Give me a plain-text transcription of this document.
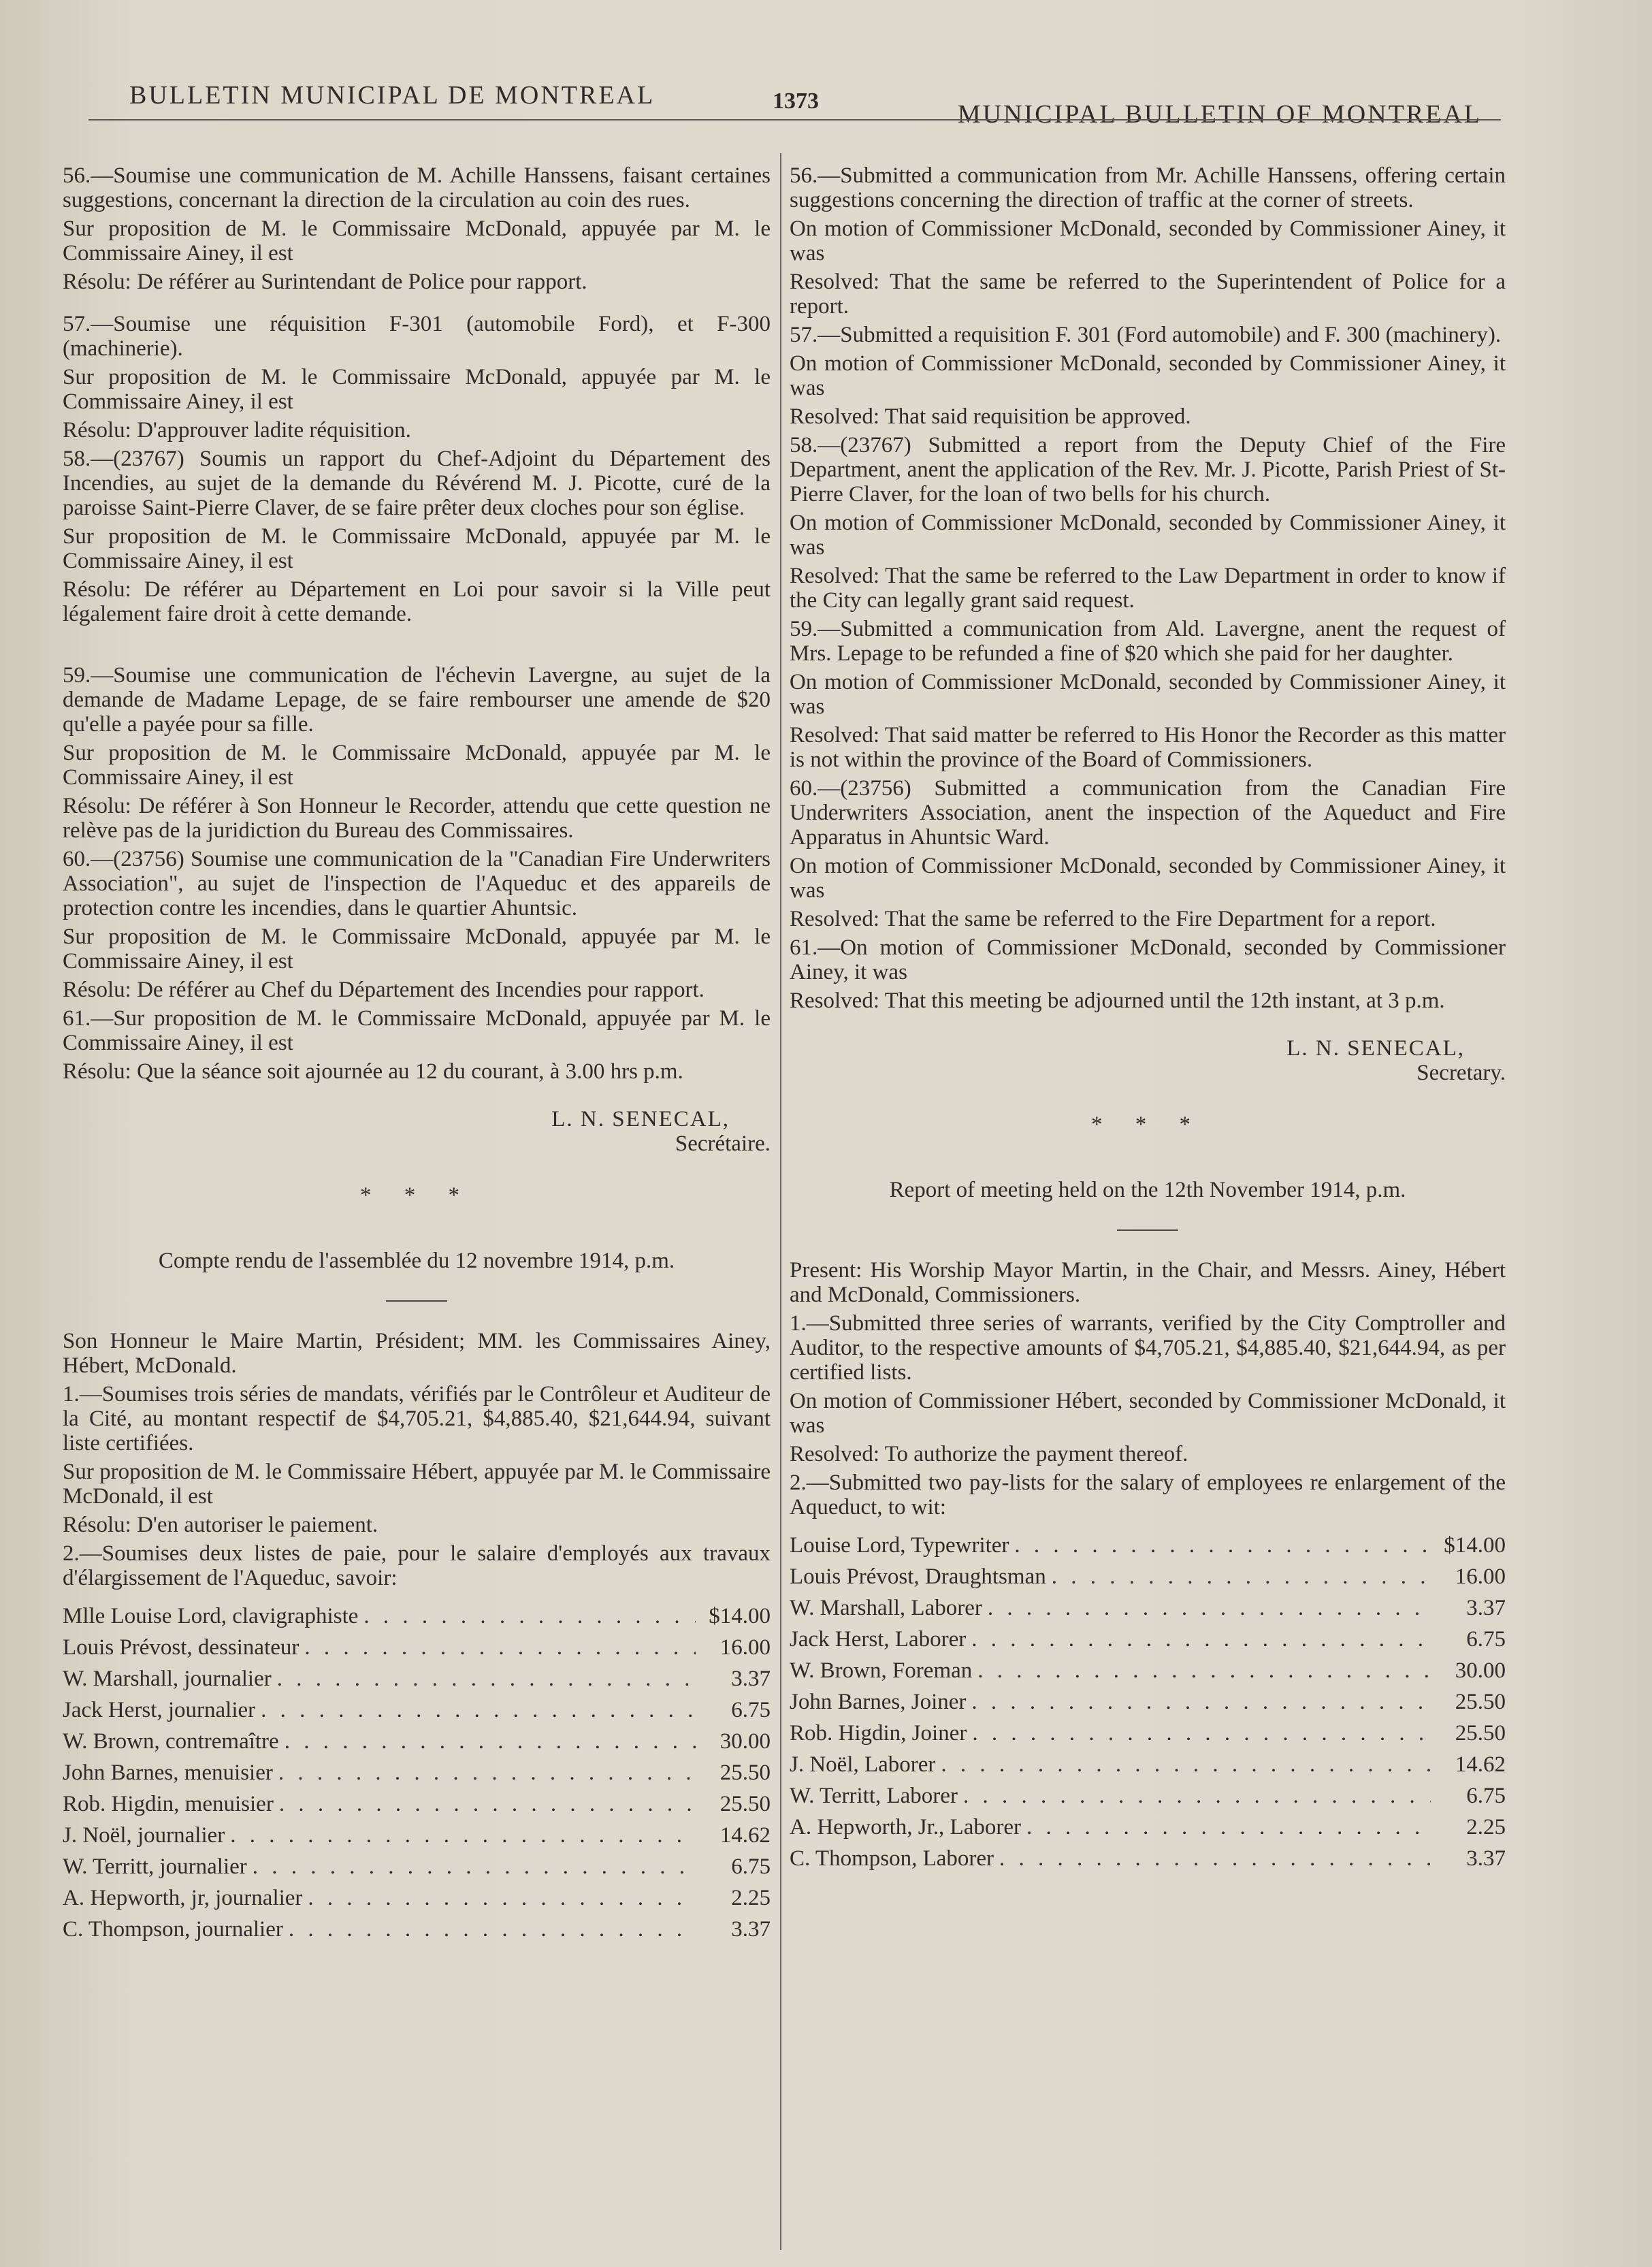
BULLETIN MUNICIPAL DE MONTREAL	1373	MUNICIPAL BULLETIN OF MONTREAL

56.—Soumise une communication de M. Achille Hanssens, faisant certaines suggestions, concernant la direction de la circulation au coin des rues.

Sur proposition de M. le Commissaire McDonald, appuyée par M. le Commissaire Ainey, il est

Résolu: De référer au Surintendant de Police pour rapport.

57.—Soumise une réquisition F-301 (automobile Ford), et F-300 (machinerie).

Sur proposition de M. le Commissaire McDonald, appuyée par M. le Commissaire Ainey, il est

Résolu: D'approuver ladite réquisition.

58.—(23767) Soumis un rapport du Chef-Adjoint du Département des Incendies, au sujet de la demande du Révérend M. J. Picotte, curé de la paroisse Saint-Pierre Claver, de se faire prêter deux cloches pour son église.

Sur proposition de M. le Commissaire McDonald, appuyée par M. le Commissaire Ainey, il est

Résolu: De référer au Département en Loi pour savoir si la Ville peut légalement faire droit à cette demande.

59.—Soumise une communication de l'échevin Lavergne, au sujet de la demande de Madame Lepage, de se faire rembourser une amende de $20 qu'elle a payée pour sa fille.

Sur proposition de M. le Commissaire McDonald, appuyée par M. le Commissaire Ainey, il est

Résolu: De référer à Son Honneur le Recorder, attendu que cette question ne relève pas de la juridiction du Bureau des Commissaires.

60.—(23756) Soumise une communication de la "Canadian Fire Underwriters Association", au sujet de l'inspection de l'Aqueduc et des appareils de protection contre les incendies, dans le quartier Ahuntsic.

Sur proposition de M. le Commissaire McDonald, appuyée par M. le Commissaire Ainey, il est

Résolu: De référer au Chef du Département des Incendies pour rapport.

61.—Sur proposition de M. le Commissaire McDonald, appuyée par M. le Commissaire Ainey, il est

Résolu: Que la séance soit ajournée au 12 du courant, à 3.00 hrs p.m.

L. N. SENECAL,
Secrétaire.
* * *
Compte rendu de l'assemblée du 12 novembre 1914, p.m.

Son Honneur le Maire Martin, Président; MM. les Commissaires Ainey, Hébert, McDonald.

1.—Soumises trois séries de mandats, vérifiés par le Contrôleur et Auditeur de la Cité, au montant respectif de $4,705.21, $4,885.40, $21,644.94, suivant liste certifiées.

Sur proposition de M. le Commissaire Hébert, appuyée par M. le Commissaire McDonald, il est

Résolu: D'en autoriser le paiement.

2.—Soumises deux listes de paie, pour le salaire d'employés aux travaux d'élargissement de l'Aqueduc, savoir:

Mlle Louise Lord, clavigraphiste . . .	$14.00
Louis Prévost, dessinateur . . .	16.00
W. Marshall, journalier . . .	3.37
Jack Herst, journalier . . .	6.75
W. Brown, contremaître . . .	30.00
John Barnes, menuisier . . .	25.50
Rob. Higdin, menuisier . . .	25.50
J. Noël, journalier . . .	14.62
W. Territt, journalier . . .	6.75
A. Hepworth, jr, journalier . . .	2.25
C. Thompson, journalier . . .	3.37

56.—Submitted a communication from Mr. Achille Hanssens, offering certain suggestions concerning the direction of traffic at the corner of streets.

On motion of Commissioner McDonald, seconded by Commissioner Ainey, it was

Resolved: That the same be referred to the Superintendent of Police for a report.

57.—Submitted a requisition F. 301 (Ford automobile) and F. 300 (machinery).

On motion of Commissioner McDonald, seconded by Commissioner Ainey, it was

Resolved: That said requisition be approved.

58.—(23767) Submitted a report from the Deputy Chief of the Fire Department, anent the application of the Rev. Mr. J. Picotte, Parish Priest of St-Pierre Claver, for the loan of two bells for his church.

On motion of Commissioner McDonald, seconded by Commissioner Ainey, it was

Resolved: That the same be referred to the Law Department in order to know if the City can legally grant said request.

59.—Submitted a communication from Ald. Lavergne, anent the request of Mrs. Lepage to be refunded a fine of $20 which she paid for her daughter.

On motion of Commissioner McDonald, seconded by Commissioner Ainey, it was

Resolved: That said matter be referred to His Honor the Recorder as this matter is not within the province of the Board of Commissioners.

60.—(23756) Submitted a communication from the Canadian Fire Underwriters Association, anent the inspection of the Aqueduct and Fire Apparatus in Ahuntsic Ward.

On motion of Commissioner McDonald, seconded by Commissioner Ainey, it was

Resolved: That the same be referred to the Fire Department for a report.

61.—On motion of Commissioner McDonald, seconded by Commissioner Ainey, it was

Resolved: That this meeting be adjourned until the 12th instant, at 3 p.m.

L. N. SENECAL,
Secretary.
* * *
Report of meeting held on the 12th November 1914, p.m.

Present: His Worship Mayor Martin, in the Chair, and Messrs. Ainey, Hébert and McDonald, Commissioners.

1.—Submitted three series of warrants, verified by the City Comptroller and Auditor, to the respective amounts of $4,705.21, $4,885.40, $21,644.94, as per certified lists.

On motion of Commissioner Hébert, seconded by Commissioner McDonald, it was

Resolved: To authorize the payment thereof.

2.—Submitted two pay-lists for the salary of employees re enlargement of the Aqueduct, to wit:

Louise Lord, Typewriter . . .	$14.00
Louis Prévost, Draughtsman . . .	16.00
W. Marshall, Laborer . . .	3.37
Jack Herst, Laborer . . .	6.75
W. Brown, Foreman . . .	30.00
John Barnes, Joiner . . .	25.50
Rob. Higdin, Joiner . . .	25.50
J. Noël, Laborer . . .	14.62
W. Territt, Laborer . . .	6.75
A. Hepworth, Jr., Laborer . . .	2.25
C. Thompson, Laborer . . .	3.37
